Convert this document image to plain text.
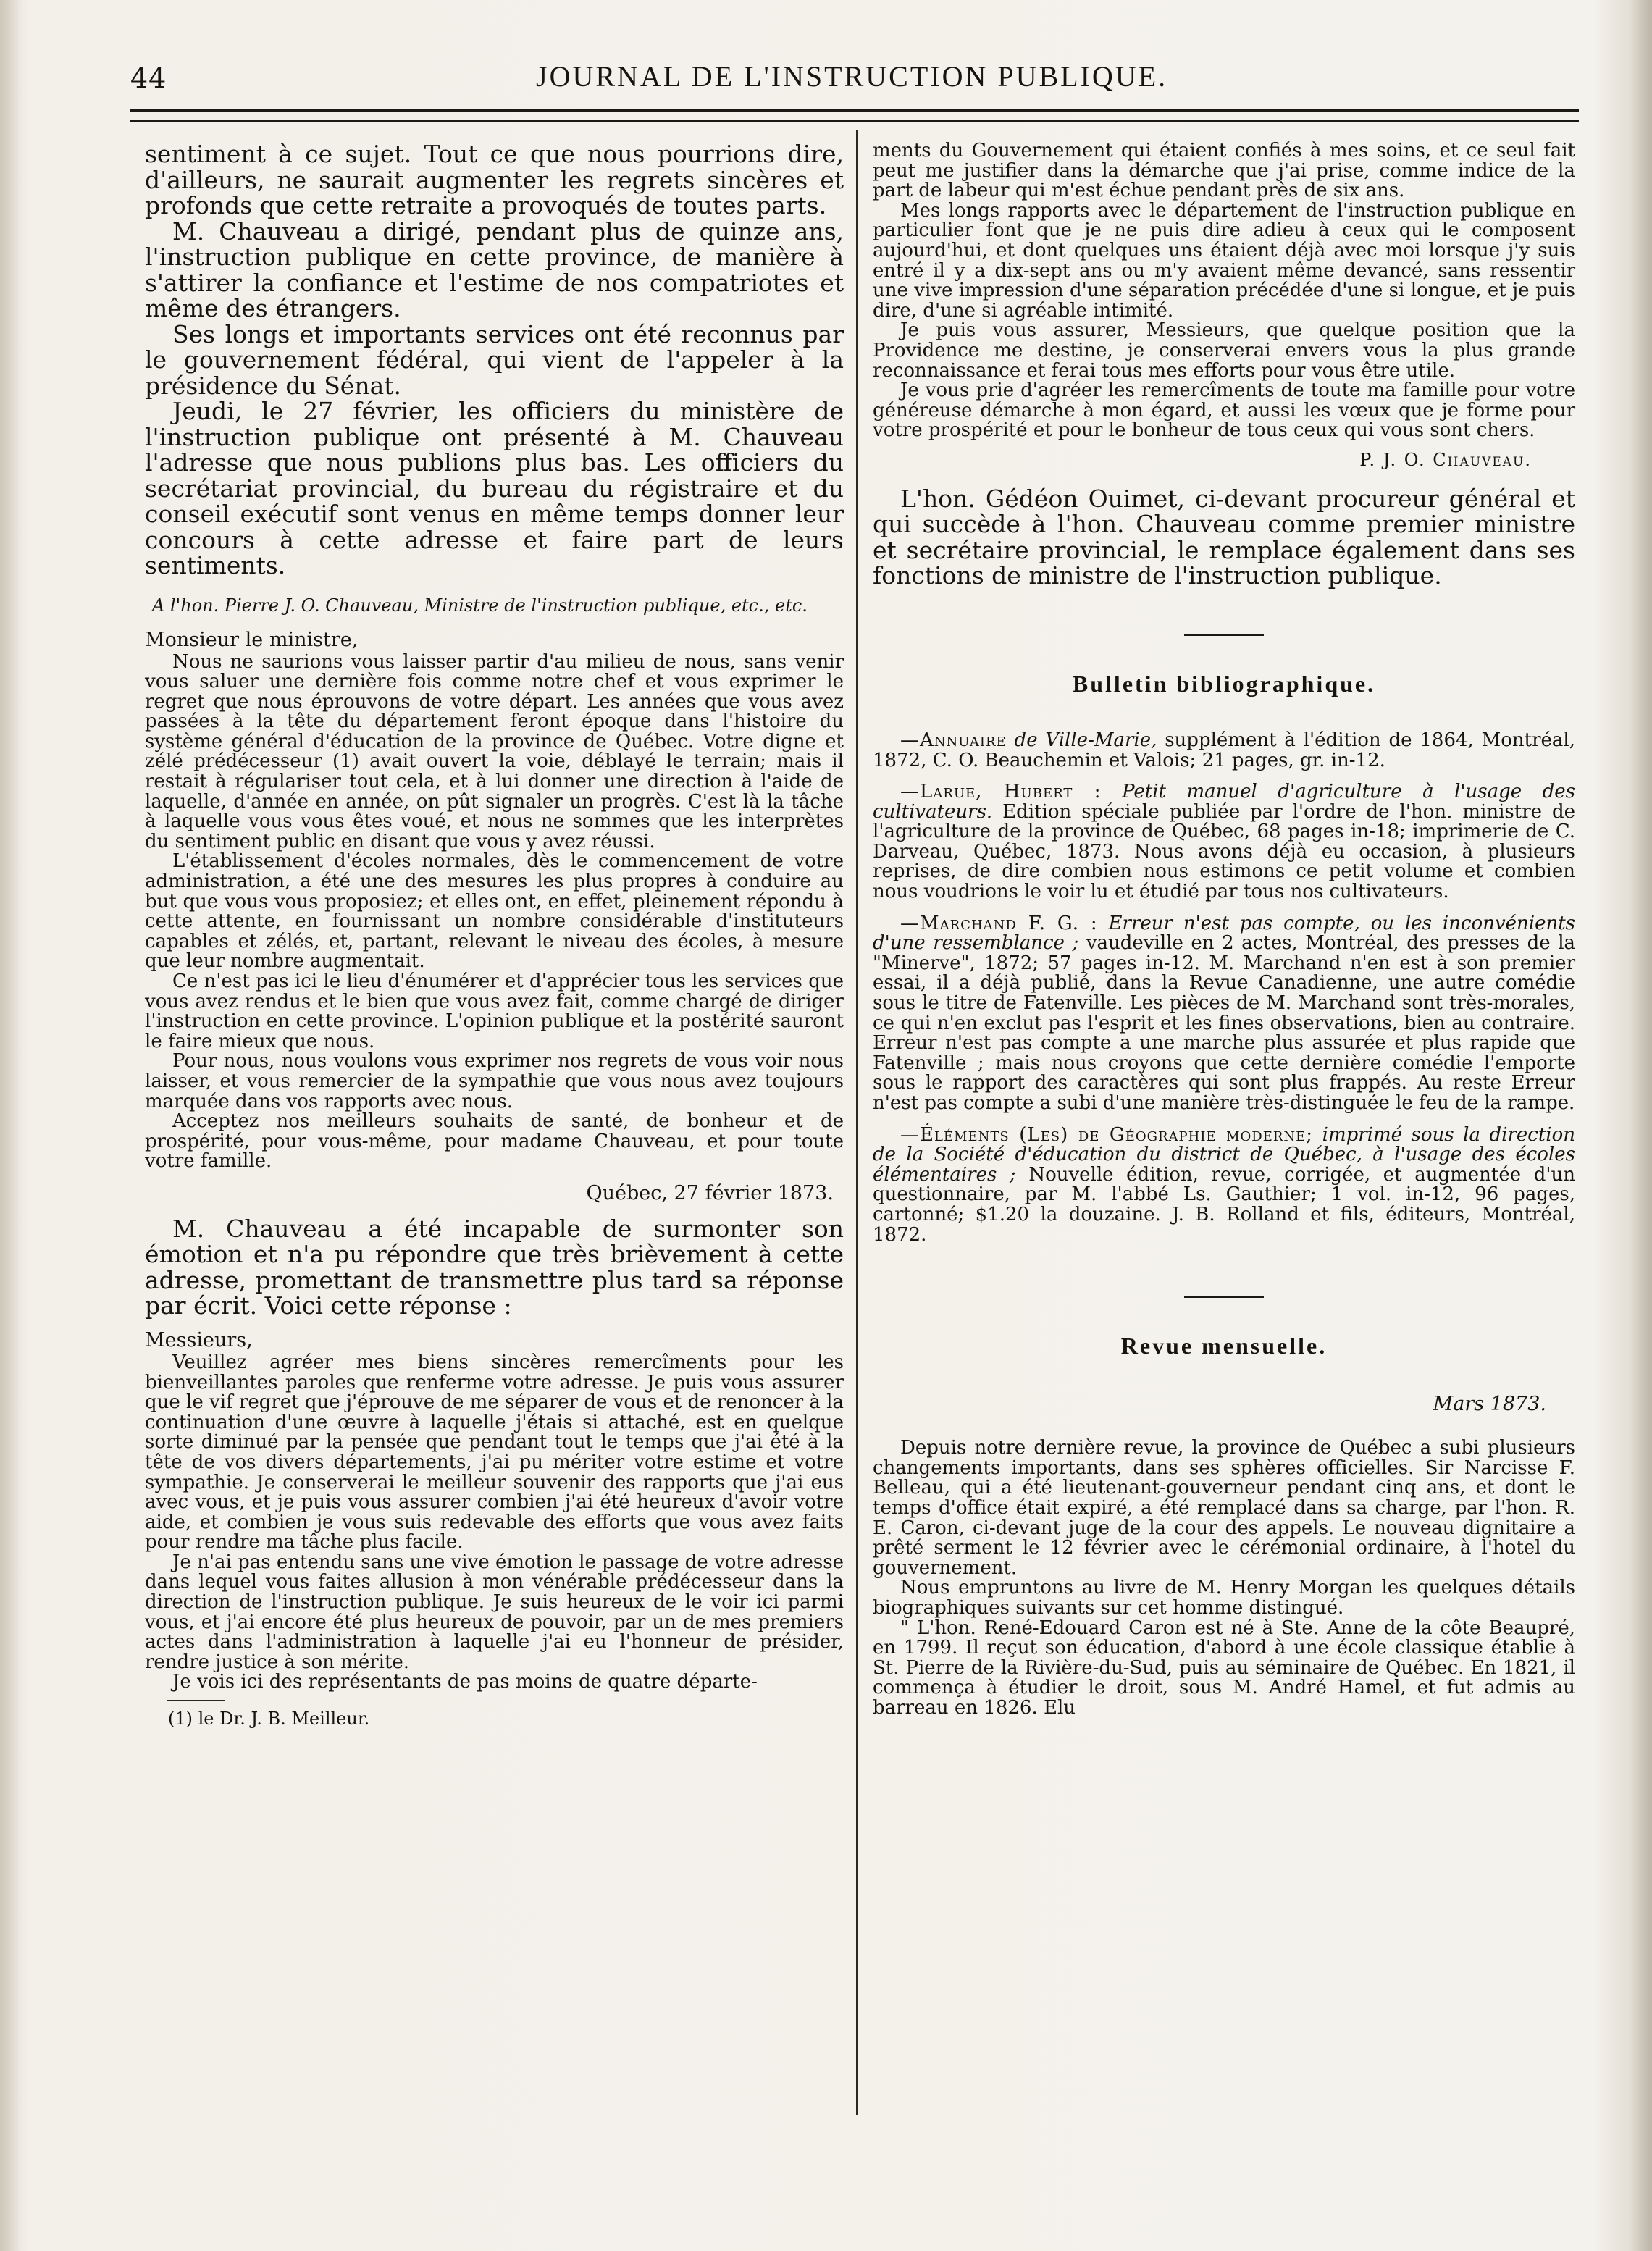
44	JOURNAL DE L'INSTRUCTION PUBLIQUE.

sentiment à ce sujet. Tout ce que nous pourrions dire, d'ailleurs, ne saurait augmenter les regrets sincères et profonds que cette retraite a provoqués de toutes parts.

M. Chauveau a dirigé, pendant plus de quinze ans, l'instruction publique en cette province, de manière à s'attirer la confiance et l'estime de nos compatriotes et même des étrangers.

Ses longs et importants services ont été reconnus par le gouvernement fédéral, qui vient de l'appeler à la présidence du Sénat.

Jeudi, le 27 février, les officiers du ministère de l'instruction publique ont présenté à M. Chauveau l'adresse que nous publions plus bas. Les officiers du secrétariat provincial, du bureau du régistraire et du conseil exécutif sont venus en même temps donner leur concours à cette adresse et faire part de leurs sentiments.

A l'hon. Pierre J. O. Chauveau, Ministre de l'instruction publique, etc., etc.

Monsieur le ministre,

Nous ne saurions vous laisser partir d'au milieu de nous, sans venir vous saluer une dernière fois comme notre chef et vous exprimer le regret que nous éprouvons de votre départ. Les années que vous avez passées à la tête du département feront époque dans l'histoire du système général d'éducation de la province de Québec. Votre digne et zélé prédécesseur (1) avait ouvert la voie, déblayé le terrain; mais il restait à régulariser tout cela, et à lui donner une direction à l'aide de laquelle, d'année en année, on pût signaler un progrès. C'est là la tâche à laquelle vous vous êtes voué, et nous ne sommes que les interprètes du sentiment public en disant que vous y avez réussi.

L'établissement d'écoles normales, dès le commencement de votre administration, a été une des mesures les plus propres à conduire au but que vous vous proposiez; et elles ont, en effet, pleinement répondu à cette attente, en fournissant un nombre considérable d'instituteurs capables et zélés, et, partant, relevant le niveau des écoles, à mesure que leur nombre augmentait.

Ce n'est pas ici le lieu d'énumérer et d'apprécier tous les services que vous avez rendus et le bien que vous avez fait, comme chargé de diriger l'instruction en cette province. L'opinion publique et la postérité sauront le faire mieux que nous.

Pour nous, nous voulons vous exprimer nos regrets de vous voir nous laisser, et vous remercier de la sympathie que vous nous avez toujours marquée dans vos rapports avec nous.

Acceptez nos meilleurs souhaits de santé, de bonheur et de prospérité, pour vous-même, pour madame Chauveau, et pour toute votre famille.

Québec, 27 février 1873.

M. Chauveau a été incapable de surmonter son émotion et n'a pu répondre que très brièvement à cette adresse, promettant de transmettre plus tard sa réponse par écrit. Voici cette réponse :

Messieurs,

Veuillez agréer mes biens sincères remercîments pour les bienveillantes paroles que renferme votre adresse. Je puis vous assurer que le vif regret que j'éprouve de me séparer de vous et de renoncer à la continuation d'une œuvre à laquelle j'étais si attaché, est en quelque sorte diminué par la pensée que pendant tout le temps que j'ai été à la tête de vos divers départements, j'ai pu mériter votre estime et votre sympathie. Je conserverai le meilleur souvenir des rapports que j'ai eus avec vous, et je puis vous assurer combien j'ai été heureux d'avoir votre aide, et combien je vous suis redevable des efforts que vous avez faits pour rendre ma tâche plus facile.

Je n'ai pas entendu sans une vive émotion le passage de votre adresse dans lequel vous faites allusion à mon vénérable prédécesseur dans la direction de l'instruction publique. Je suis heureux de le voir ici parmi vous, et j'ai encore été plus heureux de pouvoir, par un de mes premiers actes dans l'administration à laquelle j'ai eu l'honneur de présider, rendre justice à son mérite.

Je vois ici des représentants de pas moins de quatre départe-

(1) le Dr. J. B. Meilleur.

ments du Gouvernement qui étaient confiés à mes soins, et ce seul fait peut me justifier dans la démarche que j'ai prise, comme indice de la part de labeur qui m'est échue pendant près de six ans.

Mes longs rapports avec le département de l'instruction publique en particulier font que je ne puis dire adieu à ceux qui le composent aujourd'hui, et dont quelques uns étaient déjà avec moi lorsque j'y suis entré il y a dix-sept ans ou m'y avaient même devancé, sans ressentir une vive impression d'une séparation précédée d'une si longue, et je puis dire, d'une si agréable intimité.

Je puis vous assurer, Messieurs, que quelque position que la Providence me destine, je conserverai envers vous la plus grande reconnaissance et ferai tous mes efforts pour vous être utile.

Je vous prie d'agréer les remercîments de toute ma famille pour votre généreuse démarche à mon égard, et aussi les vœux que je forme pour votre prospérité et pour le bonheur de tous ceux qui vous sont chers.

P. J. O. Chauveau.

L'hon. Gédéon Ouimet, ci-devant procureur général et qui succède à l'hon. Chauveau comme premier ministre et secrétaire provincial, le remplace également dans ses fonctions de ministre de l'instruction publique.

Bulletin bibliographique.

—Annuaire de Ville-Marie, supplément à l'édition de 1864, Montréal, 1872, C. O. Beauchemin et Valois; 21 pages, gr. in-12.

—Larue, Hubert : Petit manuel d'agriculture à l'usage des cultivateurs. Edition spéciale publiée par l'ordre de l'hon. ministre de l'agriculture de la province de Québec, 68 pages in-18; imprimerie de C. Darveau, Québec, 1873. Nous avons déjà eu occasion, à plusieurs reprises, de dire combien nous estimons ce petit volume et combien nous voudrions le voir lu et étudié par tous nos cultivateurs.

—Marchand F. G. : Erreur n'est pas compte, ou les inconvénients d'une ressemblance ; vaudeville en 2 actes, Montréal, des presses de la "Minerve", 1872; 57 pages in-12. M. Marchand n'en est à son premier essai, il a déjà publié, dans la Revue Canadienne, une autre comédie sous le titre de Fatenville. Les pièces de M. Marchand sont très-morales, ce qui n'en exclut pas l'esprit et les fines observations, bien au contraire. Erreur n'est pas compte a une marche plus assurée et plus rapide que Fatenville ; mais nous croyons que cette dernière comédie l'emporte sous le rapport des caractères qui sont plus frappés. Au reste Erreur n'est pas compte a subi d'une manière très-distinguée le feu de la rampe.

—Éléments (Les) de Géographie moderne; imprimé sous la direction de la Société d'éducation du district de Québec, à l'usage des écoles élémentaires ; Nouvelle édition, revue, corrigée, et augmentée d'un questionnaire, par M. l'abbé Ls. Gauthier; 1 vol. in-12, 96 pages, cartonné; $1.20 la douzaine. J. B. Rolland et fils, éditeurs, Montréal, 1872.

Revue mensuelle.

Mars 1873.

Depuis notre dernière revue, la province de Québec a subi plusieurs changements importants, dans ses sphères officielles. Sir Narcisse F. Belleau, qui a été lieutenant-gouverneur pendant cinq ans, et dont le temps d'office était expiré, a été remplacé dans sa charge, par l'hon. R. E. Caron, ci-devant juge de la cour des appels. Le nouveau dignitaire a prêté serment le 12 février avec le cérémonial ordinaire, à l'hotel du gouvernement.

Nous empruntons au livre de M. Henry Morgan les quelques détails biographiques suivants sur cet homme distingué.

" L'hon. René-Edouard Caron est né à Ste. Anne de la côte Beaupré, en 1799. Il reçut son éducation, d'abord à une école classique établie à St. Pierre de la Rivière-du-Sud, puis au séminaire de Québec. En 1821, il commença à étudier le droit, sous M. André Hamel, et fut admis au barreau en 1826. Elu
